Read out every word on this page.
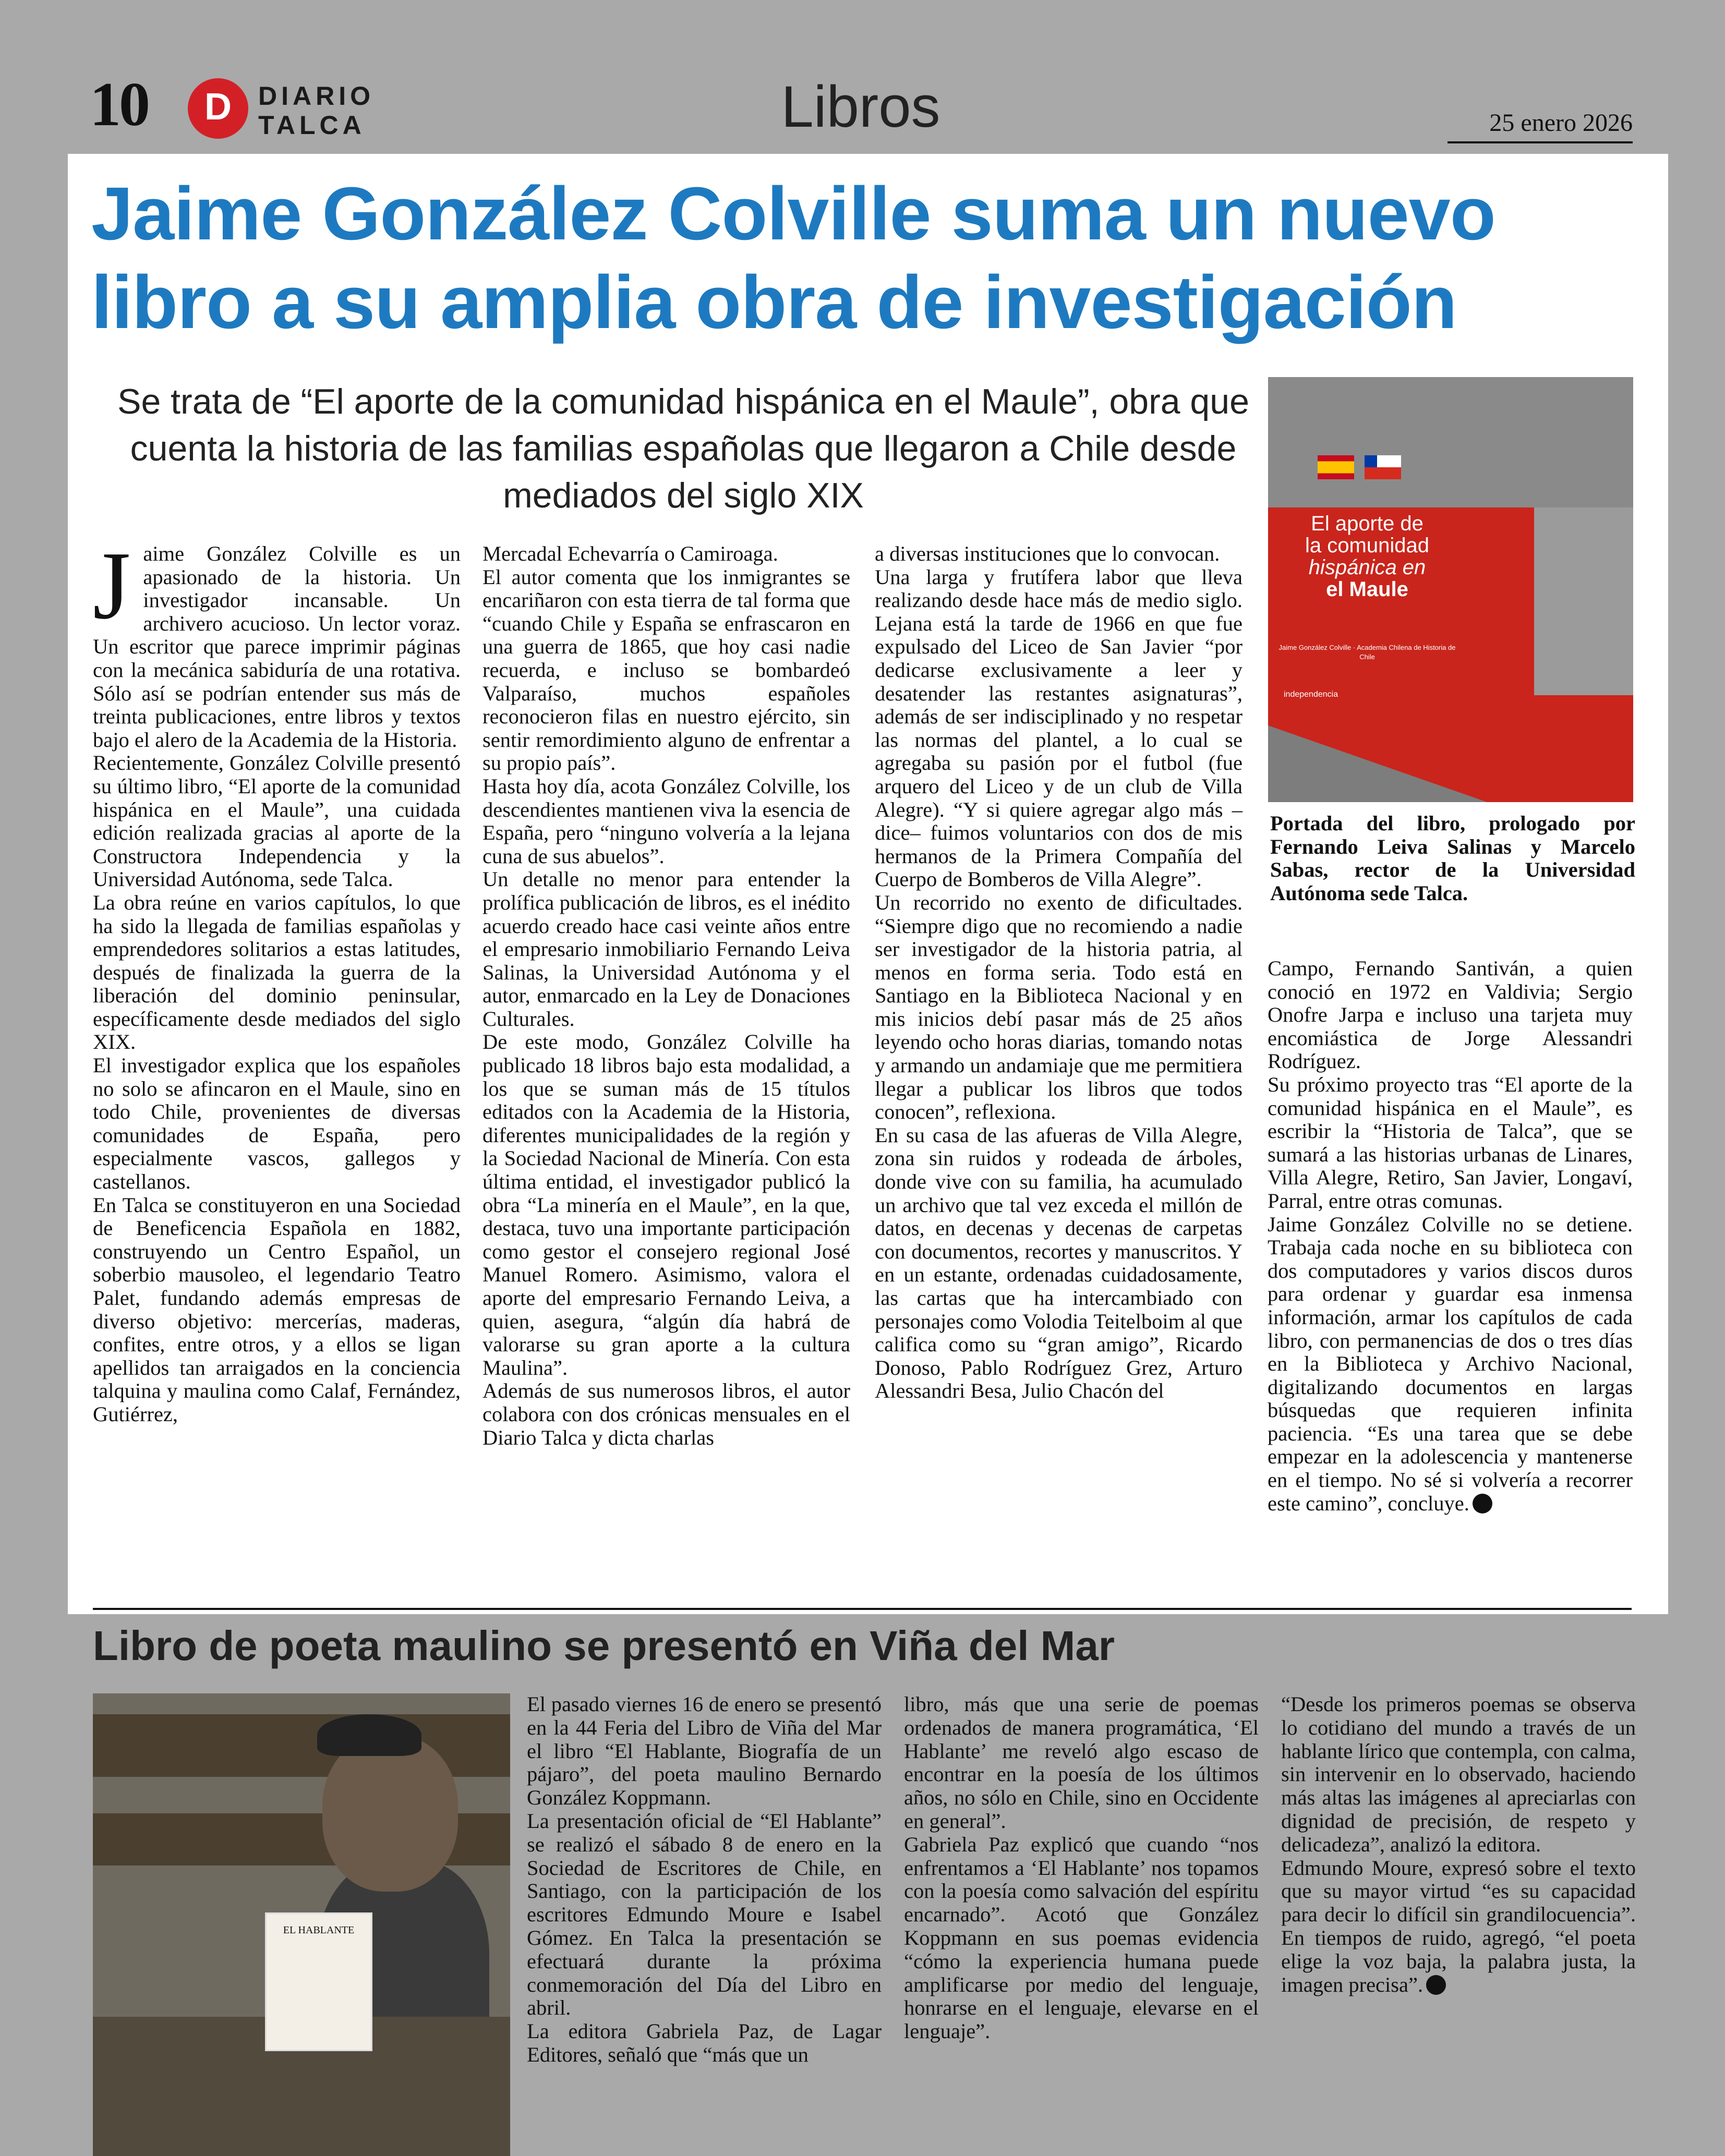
10	D	DIARIO
TALCA	Libros	25 enero 2026
Jaime González Colville suma un nuevo libro a su amplia obra de investigación
Se trata de “El aporte de la comunidad hispánica en el Maule”, obra que cuenta la historia de las familias españolas que llegaron a Chile desde mediados del siglo XIX

Jaime González Colville es un apasionado de la historia. Un investigador incansable. Un archivero acucioso. Un lector voraz. Un escritor que parece imprimir páginas con la mecánica sabiduría de una rotativa. Sólo así se podrían entender sus más de treinta publicaciones, entre libros y textos bajo el alero de la Academia de la Historia.

Recientemente, González Colville presentó su último libro, “El aporte de la comunidad hispánica en el Maule”, una cuidada edición realizada gracias al aporte de la Constructora Independencia y la Universidad Autónoma, sede Talca.

La obra reúne en varios capítulos, lo que ha sido la llegada de familias españolas y emprendedores solitarios a estas latitudes, después de finalizada la guerra de la liberación del dominio peninsular, específicamente desde mediados del siglo XIX.

El investigador explica que los españoles no solo se afincaron en el Maule, sino en todo Chile, provenientes de diversas comunidades de España, pero especialmente vascos, gallegos y castellanos.

En Talca se constituyeron en una Sociedad de Beneficencia Española en 1882, construyendo un Centro Español, un soberbio mausoleo, el legendario Teatro Palet, fundando además empresas de diverso objetivo: mercerías, maderas, confites, entre otros, y a ellos se ligan apellidos tan arraigados en la conciencia talquina y maulina como Calaf, Fernández, Gutiérrez,

Mercadal Echevarría o Camiroaga.

El autor comenta que los inmigrantes se encariñaron con esta tierra de tal forma que “cuando Chile y España se enfrascaron en una guerra de 1865, que hoy casi nadie recuerda, e incluso se bombardeó Valparaíso, muchos españoles reconocieron filas en nuestro ejército, sin sentir remordimiento alguno de enfrentar a su propio país”.

Hasta hoy día, acota González Colville, los descendientes mantienen viva la esencia de España, pero “ninguno volvería a la lejana cuna de sus abuelos”.

Un detalle no menor para entender la prolífica publicación de libros, es el inédito acuerdo creado hace casi veinte años entre el empresario inmobiliario Fernando Leiva Salinas, la Universidad Autónoma y el autor, enmarcado en la Ley de Donaciones Culturales.

De este modo, González Colville ha publicado 18 libros bajo esta modalidad, a los que se suman más de 15 títulos editados con la Academia de la Historia, diferentes municipalidades de la región y la Sociedad Nacional de Minería. Con esta última entidad, el investigador publicó la obra “La minería en el Maule”, en la que, destaca, tuvo una importante participación como gestor el consejero regional José Manuel Romero. Asimismo, valora el aporte del empresario Fernando Leiva, a quien, asegura, “algún día habrá de valorarse su gran aporte a la cultura Maulina”.

Además de sus numerosos libros, el autor colabora con dos crónicas mensuales en el Diario Talca y dicta charlas

a diversas instituciones que lo convocan.

Una larga y frutífera labor que lleva realizando desde hace más de medio siglo. Lejana está la tarde de 1966 en que fue expulsado del Liceo de San Javier “por dedicarse exclusivamente a leer y desatender las restantes asignaturas”, además de ser indisciplinado y no respetar las normas del plantel, a lo cual se agregaba su pasión por el futbol (fue arquero del Liceo y de un club de Villa Alegre). “Y si quiere agregar algo más –dice– fuimos voluntarios con dos de mis hermanos de la Primera Compañía del Cuerpo de Bomberos de Villa Alegre”.

Un recorrido no exento de dificultades. “Siempre digo que no recomiendo a nadie ser investigador de la historia patria, al menos en forma seria. Todo está en Santiago en la Biblioteca Nacional y en mis inicios debí pasar más de 25 años leyendo ocho horas diarias, tomando notas y armando un andamiaje que me permitiera llegar a publicar los libros que todos conocen”, reflexiona.

En su casa de las afueras de Villa Alegre, zona sin ruidos y rodeada de árboles, donde vive con su familia, ha acumulado un archivo que tal vez exceda el millón de datos, en decenas y decenas de carpetas con documentos, recortes y manuscritos. Y en un estante, ordenadas cuidadosamente, las cartas que ha intercambiado con personajes como Volodia Teitelboim al que califica como su “gran amigo”, Ricardo Donoso, Pablo Rodríguez Grez, Arturo Alessandri Besa, Julio Chacón del

El aporte de
la comunidad
hispánica en
el Maule
Jaime González Colville · Academia Chilena de Historia de Chile
independencia
Portada del libro, prologado por Fernando Leiva Salinas y Marcelo Sabas, rector de la Universidad Autónoma sede Talca.

Campo, Fernando Santiván, a quien conoció en 1972 en Valdivia; Sergio Onofre Jarpa e incluso una tarjeta muy encomiástica de Jorge Alessandri Rodríguez.

Su próximo proyecto tras “El aporte de la comunidad hispánica en el Maule”, es escribir la “Historia de Talca”, que se sumará a las historias urbanas de Linares, Villa Alegre, Retiro, San Javier, Longaví, Parral, entre otras comunas.

Jaime González Colville no se detiene. Trabaja cada noche en su biblioteca con dos computadores y varios discos duros para ordenar y guardar esa inmensa información, armar los capítulos de cada libro, con permanencias de dos o tres días en la Biblioteca y Archivo Nacional, digitalizando documentos en largas búsquedas que requieren infinita paciencia. “Es una tarea que se debe empezar en la adolescencia y mantenerse en el tiempo. No sé si volvería a recorrer este camino”, concluye.

Libro de poeta maulino se presentó en Viña del Mar
EL HABLANTE

El pasado viernes 16 de enero se presentó en la 44 Feria del Libro de Viña del Mar el libro “El Hablante, Biografía de un pájaro”, del poeta maulino Bernardo González Koppmann.

La presentación oficial de “El Hablante” se realizó el sábado 8 de enero en la Sociedad de Escritores de Chile, en Santiago, con la participación de los escritores Edmundo Moure e Isabel Gómez. En Talca la presentación se efectuará durante la próxima conmemoración del Día del Libro en abril.

La editora Gabriela Paz, de Lagar Editores, señaló que “más que un

libro, más que una serie de poemas ordenados de manera programática, ‘El Hablante’ me reveló algo escaso de encontrar en la poesía de los últimos años, no sólo en Chile, sino en Occidente en general”.

Gabriela Paz explicó que cuando “nos enfrentamos a ‘El Hablante’ nos topamos con la poesía como salvación del espíritu encarnado”. Acotó que González Koppmann en sus poemas evidencia “cómo la experiencia humana puede amplificarse por medio del lenguaje, honrarse en el lenguaje, elevarse en el lenguaje”.

“Desde los primeros poemas se observa lo cotidiano del mundo a través de un hablante lírico que contempla, con calma, sin intervenir en lo observado, haciendo más altas las imágenes al apreciarlas con dignidad de precisión, de respeto y delicadeza”, analizó la editora.

Edmundo Moure, expresó sobre el texto que su mayor virtud “es su capacidad para decir lo difícil sin grandilocuencia”. En tiempos de ruido, agregó, “el poeta elige la voz baja, la palabra justa, la imagen precisa”.
